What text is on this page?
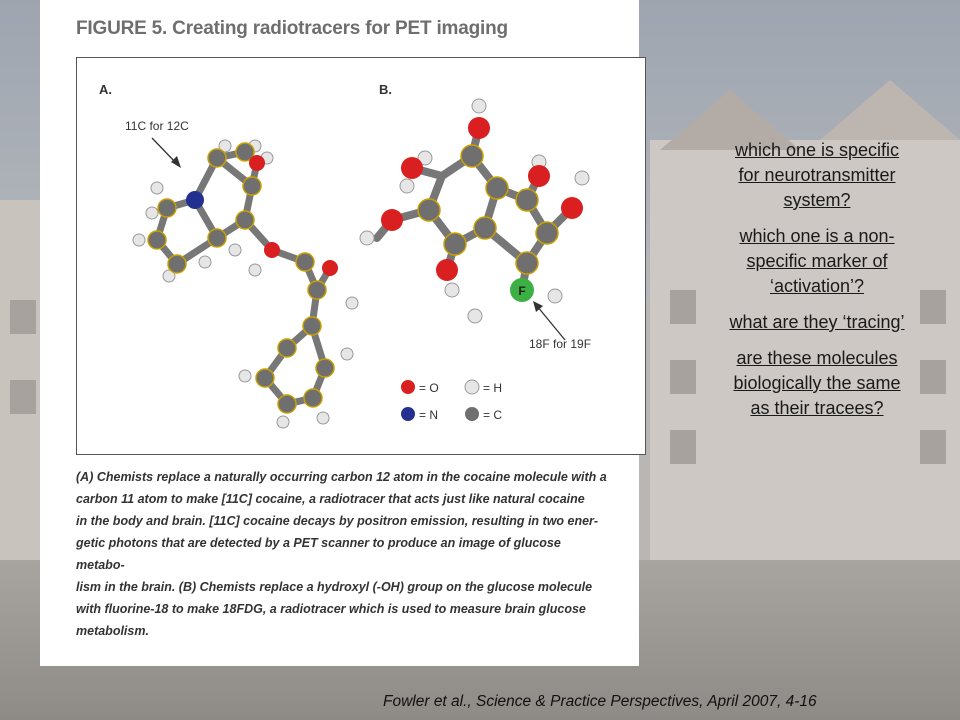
FIGURE 5. Creating radiotracers for PET imaging
A.	B.
11C for 12C
F
18F for 19F
= O	= H
= N	= C
(A) Chemists replace a naturally occurring carbon 12 atom in the cocaine molecule with a
carbon 11 atom to make [11C] cocaine, a radiotracer that acts just like natural cocaine
in the body and brain. [11C] cocaine decays by positron emission, resulting in two ener-
getic photons that are detected by a PET scanner to produce an image of glucose metabo-
lism in the brain. (B) Chemists replace a hydroxyl (-OH) group on the glucose molecule
with fluorine-18 to make 18FDG, a radiotracer which is used to measure brain glucose
metabolism.
which one is specific for neurotransmitter system?
which one is a non-specific marker of ‘activation’?
what are they ‘tracing’
are these molecules biologically the same as their tracees?
Fowler et al., Science & Practice Perspectives, April 2007, 4-16
